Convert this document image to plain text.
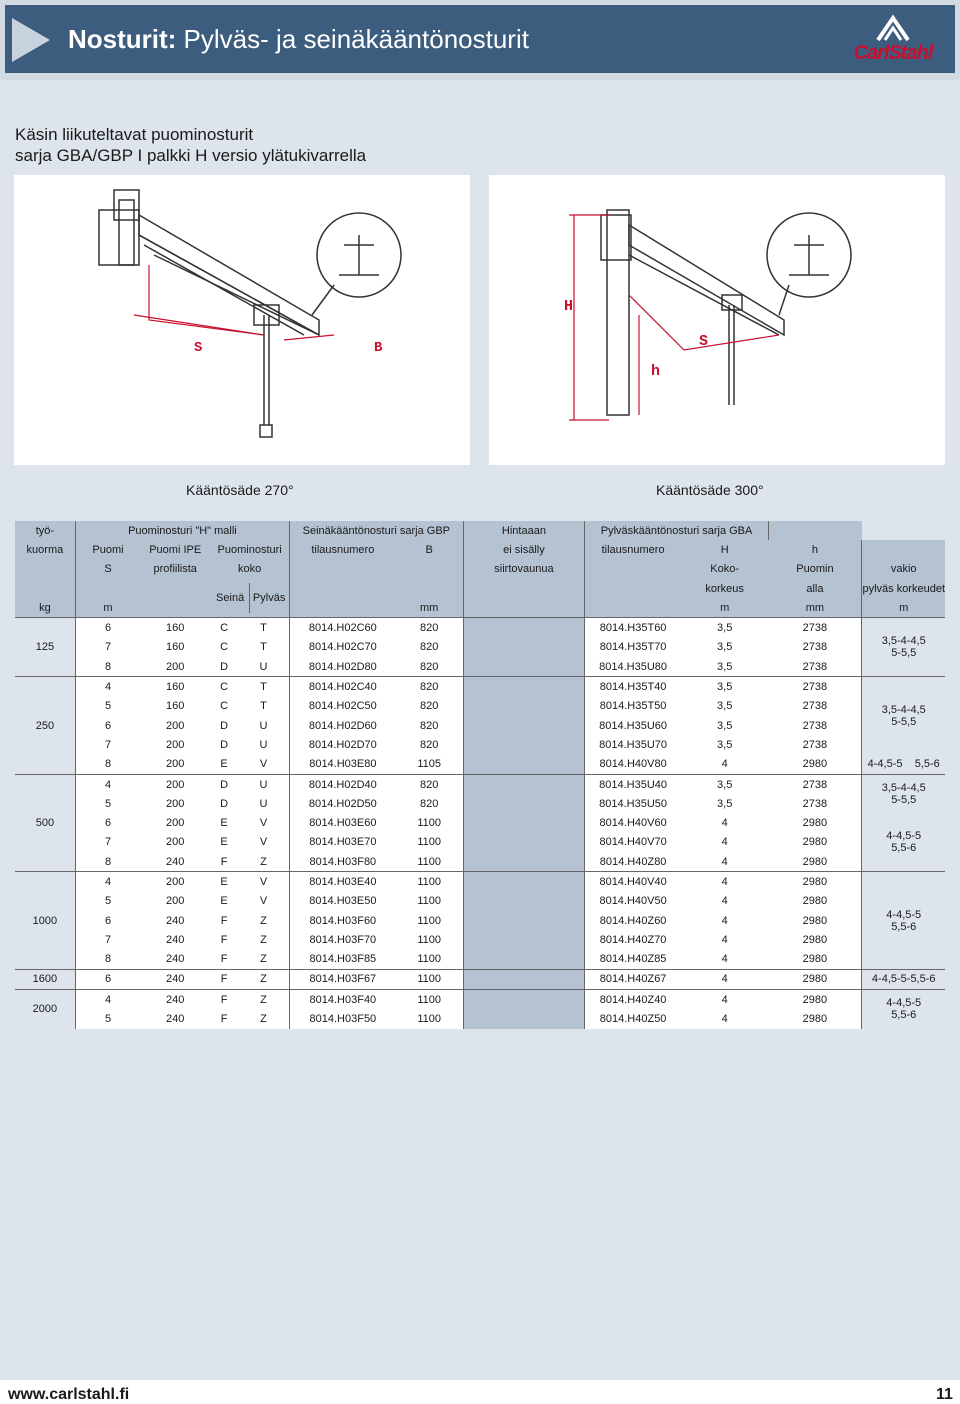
Nosturit: Pylväs- ja seinäkääntönosturit	CarlStahl
Käsin liikuteltavat puominosturit
sarja GBA/GBP I palkki H versio ylätukivarrella
S	B
Kääntösäde 270°
H
h
S
Kääntösäde 300°
työ-	Puominosturi "H" malli				Seinäkääntönosturi sarja GBP		Hintaaan	Pylväskääntönosturi sarja GBA			
kuorma	Puomi	Puomi IPE	Puominosturi		tilausnumero	B	ei sisälly	tilausnumero	H	h	
	S	profiilista	koko				siirtovaunua		Koko-	Puomin	vakio
			Seinä Pylväs						korkeus	alla	pylväs korkeudet
kg	m					mm			m	mm	m
125	6	160	C	T	8014.H02C60	820		8014.H35T60	3,5	2738	3,5-4-4,5
5-5,5

	7	160	C	T	8014.H02C70	820		8014.H35T70	3,5	2738	
	8	200	D	U	8014.H02D80	820		8014.H35U80	3,5	2738	
250	4	160	C	T	8014.H02C40	820		8014.H35T40	3,5	2738	3,5-4-4,5
5-5,5

	5	160	C	T	8014.H02C50	820		8014.H35T50	3,5	2738	
	6	200	D	U	8014.H02D60	820		8014.H35U60	3,5	2738	
	7	200	D	U	8014.H02D70	820		8014.H35U70	3,5	2738	
	8	200	E	V	8014.H03E80	1105		8014.H40V80	4	2980	4-4,5-5    5,5-6

500	4	200	D	U	8014.H02D40	820		8014.H35U40	3,5	2738	3,5-4-4,5
5-5,5

	5	200	D	U	8014.H02D50	820		8014.H35U50	3,5	2738	
	6	200	E	V	8014.H03E60	1100		8014.H40V60	4	2980	4-4,5-5
5,5-6

	7	200	E	V	8014.H03E70	1100		8014.H40V70	4	2980	
	8	240	F	Z	8014.H03F80	1100		8014.H40Z80	4	2980	
1000	4	200	E	V	8014.H03E40	1100		8014.H40V40	4	2980	4-4,5-5
5,5-6

	5	200	E	V	8014.H03E50	1100		8014.H40V50	4	2980	
	6	240	F	Z	8014.H03F60	1100		8014.H40Z60	4	2980	
	7	240	F	Z	8014.H03F70	1100		8014.H40Z70	4	2980	
	8	240	F	Z	8014.H03F85	1100		8014.H40Z85	4	2980	
1600	6	240	F	Z	8014.H03F67	1100		8014.H40Z67	4	2980	4-4,5-5-5,5-6

2000	4	240	F	Z	8014.H03F40	1100		8014.H40Z40	4	2980	4-4,5-5
5,5-6

	5	240	F	Z	8014.H03F50	1100		8014.H40Z50	4	2980	
www.carlstahl.fi	11
